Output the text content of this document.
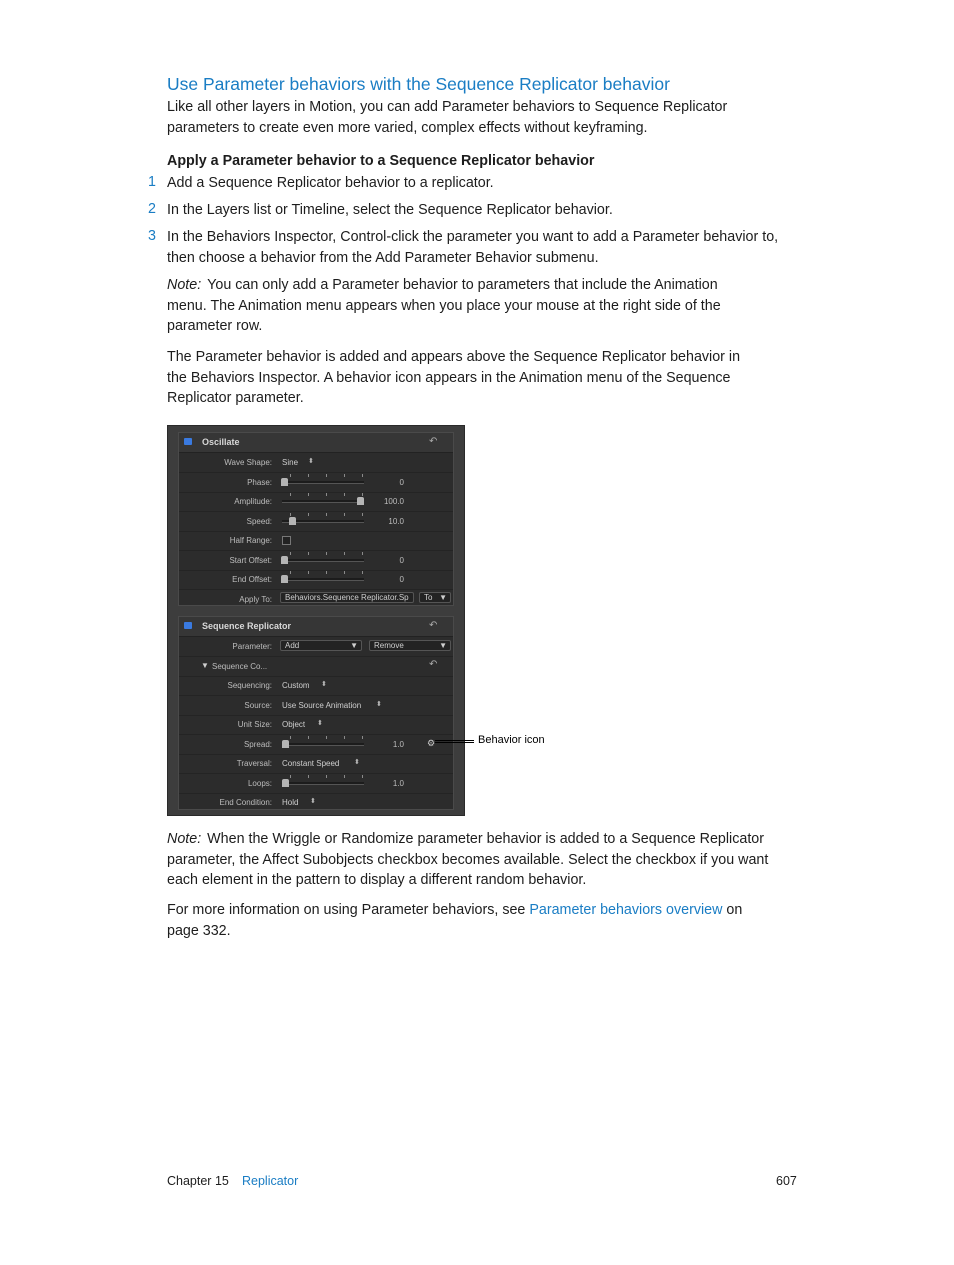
Use Parameter behaviors with the Sequence Replicator behavior
Like all other layers in Motion, you can add Parameter behaviors to Sequence Replicator
parameters to create even more varied, complex effects without keyframing.
Apply a Parameter behavior to a Sequence Replicator behavior
1 Add a Sequence Replicator behavior to a replicator.
2 In the Layers list or Timeline, select the Sequence Replicator behavior.
3 In the Behaviors Inspector, Control-click the parameter you want to add a Parameter behavior to,
then choose a behavior from the Add Parameter Behavior submenu.
Note: You can only add a Parameter behavior to parameters that include the Animation
menu. The Animation menu appears when you place your mouse at the right side of the
parameter row.
The Parameter behavior is added and appears above the Sequence Replicator behavior in
the Behaviors Inspector. A behavior icon appears in the Animation menu of the Sequence
Replicator parameter.
Oscillate	↶
Wave Shape: Sine ⬍
Phase:	0
Amplitude:	100.0
Speed:	10.0
Half Range:
Start Offset:	0
End Offset:	0
Apply To:	Behaviors.Sequence Replicator.Sp	To ▼
Sequence Replicator	↶
Parameter:	Add	▼	Remove	▼
▼ Sequence Co...	↶
Sequencing: Custom ⬍
Source: Use Source Animation ⬍
Unit Size: Object ⬍
Spread:	1.0	⚙
Traversal: Constant Speed ⬍
Loops:	1.0
End Condition: Hold ⬍
Behavior icon
Note: When the Wriggle or Randomize parameter behavior is added to a Sequence Replicator
parameter, the Affect Subobjects checkbox becomes available. Select the checkbox if you want
each element in the pattern to display a different random behavior.
For more information on using Parameter behaviors, see Parameter behaviors overview on
page 332.
Chapter 15 Replicator	607
